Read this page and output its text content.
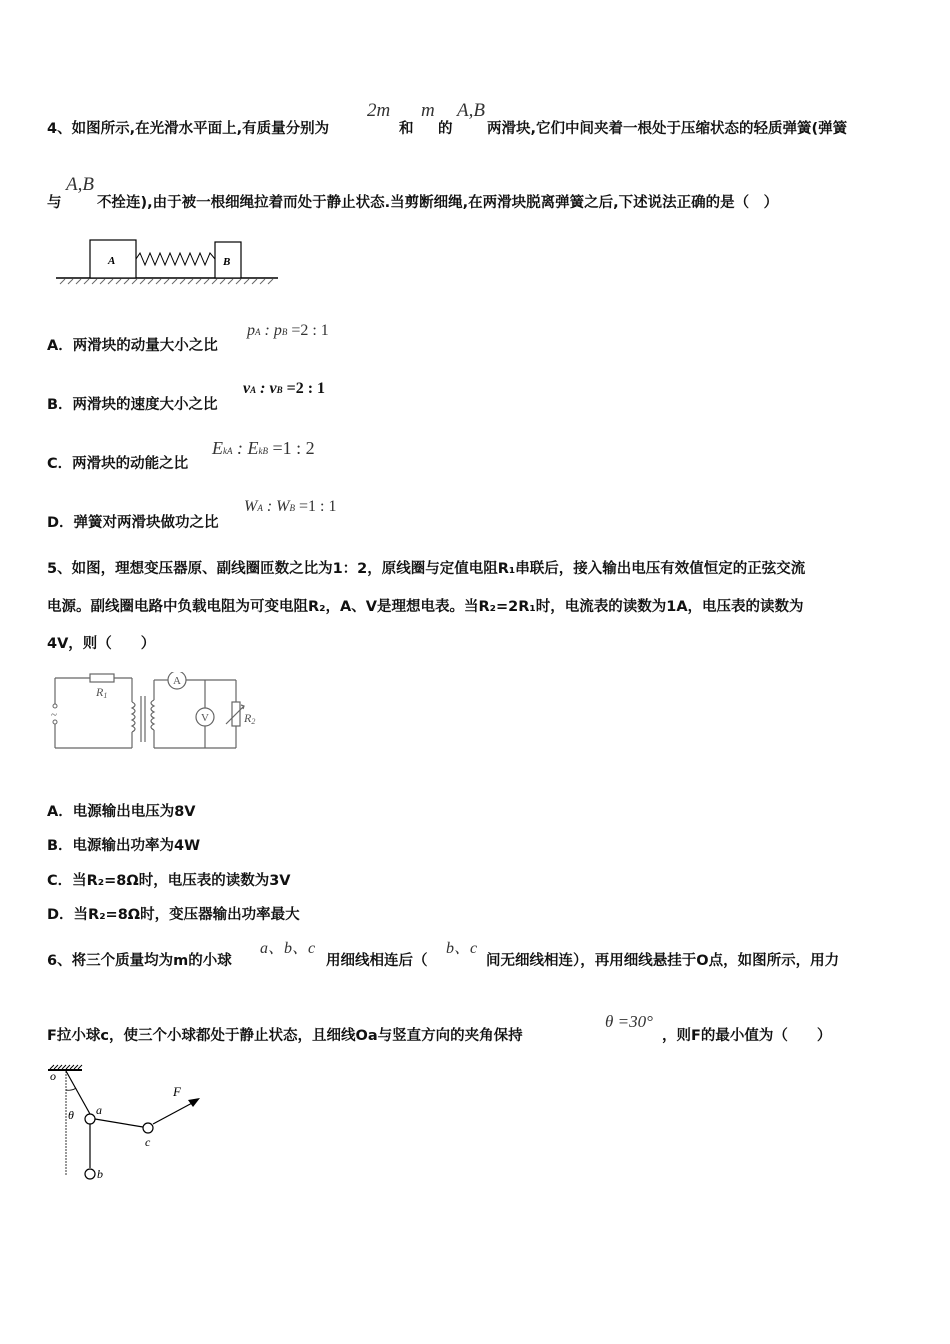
4、如图所示,在光滑水平面上,有质量分别为
2m
和
m
的
A,B
两滑块,它们中间夹着一根处于压缩状态的轻质弹簧(弹簧
与
A,B
不拴连),由于被一根细绳拉着而处于静止状态.当剪断细绳,在两滑块脱离弹簧之后,下述说法正确的是（　）
A	B
A．两滑块的动量大小之比
pA : pB =2 : 1
B．两滑块的速度大小之比
vA : vB =2 : 1
C．两滑块的动能之比
EkA : EkB =1 : 2
D．弹簧对两滑块做功之比
WA : WB =1 : 1
5、如图，理想变压器原、副线圈匝数之比为1：2，原线圈与定值电阻R₁串联后，接入输出电压有效值恒定的正弦交流
电源。副线圈电路中负载电阻为可变电阻R₂，A、V是理想电表。当R₂=2R₁时，电流表的读数为1A，电压表的读数为
4V，则（　　）
~
R1
A
V	R2
A．电源输出电压为8V
B．电源输出功率为4W
C．当R₂=8Ω时，电压表的读数为3V
D．当R₂=8Ω时，变压器输出功率最大
6、将三个质量均为m的小球
a、b、c
用细线相连后（
b、c
间无细线相连），再用细线悬挂于O点，如图所示，用力
F拉小球c，使三个小球都处于静止状态，且细线Oa与竖直方向的夹角保持
θ =30°
，则F的最小值为（　　）
o
θ a
c
b
F
